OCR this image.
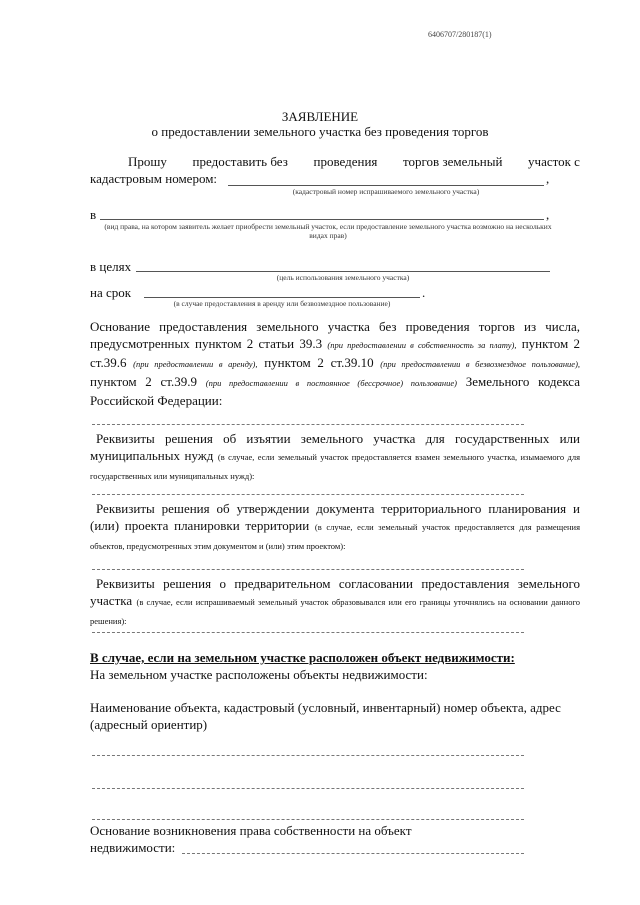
6406707/280187(1)
ЗАЯВЛЕНИЕ
о предоставлении земельного участка без проведения торгов
Прошу предоставить без проведения торгов земельный участок с
кадастровым номером:	,
(кадастровый номер испрашиваемого земельного участка)
в	,
(вид права, на котором заявитель желает приобрести земельный участок, если предоставление земельного участка возможно на нескольких видах прав)
в целях
(цель использования земельного участка)
на срок	.
(в случае предоставления в аренду или безвозмездное пользование)
Основание предоставления земельного участка без проведения торгов из числа, предусмотренных пунктом 2 статьи 39.3 (при предоставлении в собственность за плату), пунктом 2 ст.39.6 (при предоставлении в аренду), пунктом 2 ст.39.10 (при предоставлении в безвозмездное пользование), пунктом 2 ст.39.9 (при предоставлении в постоянное (бессрочное) пользование) Земельного кодекса Российской Федерации:
Реквизиты решения об изъятии земельного участка для государственных или муниципальных нужд (в случае, если земельный участок предоставляется взамен земельного участка, изымаемого для государственных или муниципальных нужд):
Реквизиты решения об утверждении документа территориального планирования и (или) проекта планировки территории (в случае, если земельный участок предоставляется для размещения объектов, предусмотренных этим документом и (или) этим проектом):
Реквизиты решения о предварительном согласовании предоставления земельного участка (в случае, если испрашиваемый земельный участок образовывался или его границы уточнялись на основании данного решения):
В случае, если на земельном участке расположен объект недвижимости:
На земельном участке расположены объекты недвижимости:
Наименование объекта, кадастровый (условный, инвентарный) номер объекта, адрес (адресный ориентир)
Основание возникновения права собственности на объект
недвижимости:
